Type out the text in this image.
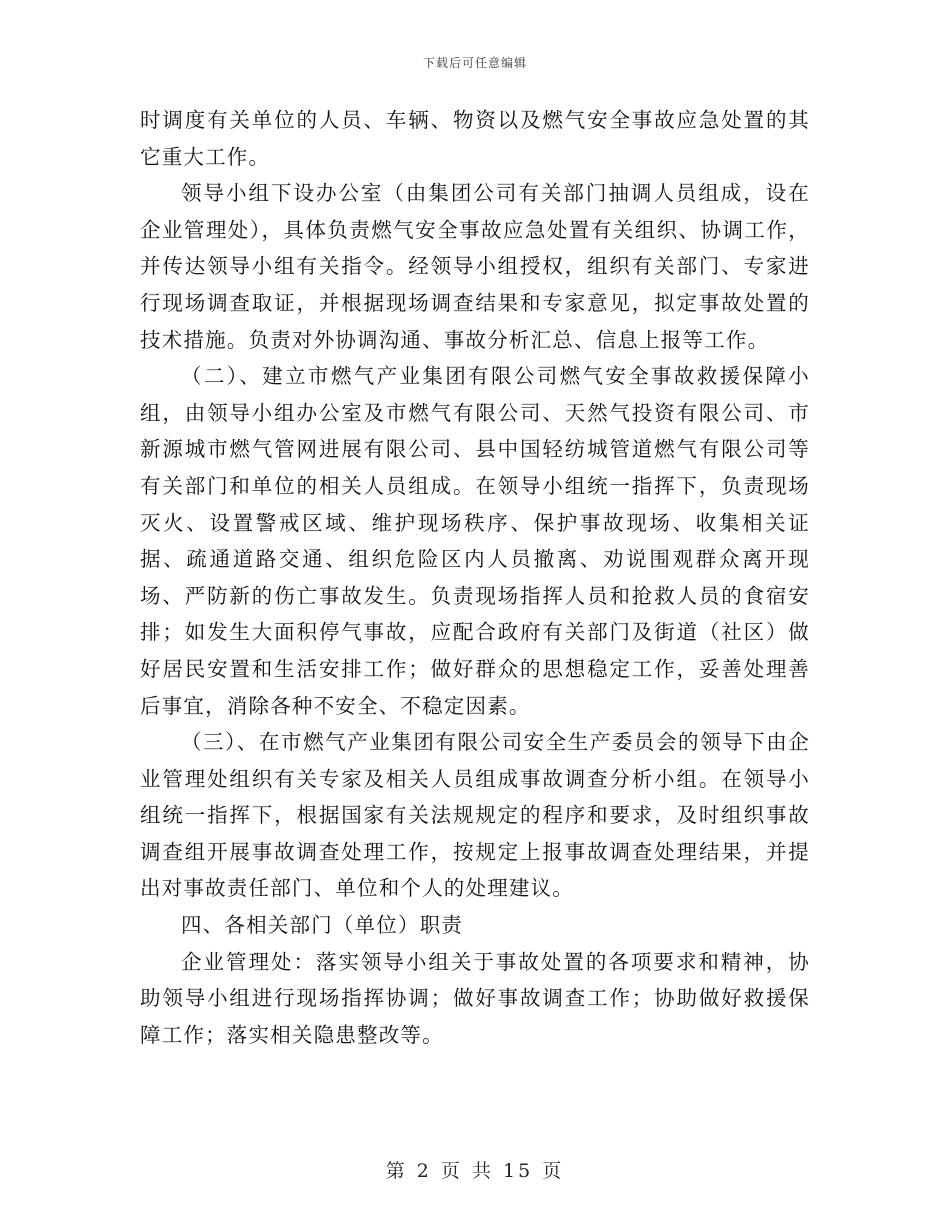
下载后可任意编辑

时调度有关单位的人员、车辆、物资以及燃气安全事故应急处置的其它重大工作。

领导小组下设办公室（由集团公司有关部门抽调人员组成，设在企业管理处），具体负责燃气安全事故应急处置有关组织、协调工作，并传达领导小组有关指令。经领导小组授权，组织有关部门、专家进行现场调查取证，并根据现场调查结果和专家意见，拟定事故处置的技术措施。负责对外协调沟通、事故分析汇总、信息上报等工作。

（二）、建立市燃气产业集团有限公司燃气安全事故救援保障小组，由领导小组办公室及市燃气有限公司、天然气投资有限公司、市新源城市燃气管网进展有限公司、县中国轻纺城管道燃气有限公司等有关部门和单位的相关人员组成。在领导小组统一指挥下，负责现场灭火、设置警戒区域、维护现场秩序、保护事故现场、收集相关证据、疏通道路交通、组织危险区内人员撤离、劝说围观群众离开现场、严防新的伤亡事故发生。负责现场指挥人员和抢救人员的食宿安排；如发生大面积停气事故，应配合政府有关部门及街道（社区）做好居民安置和生活安排工作；做好群众的思想稳定工作，妥善处理善后事宜，消除各种不安全、不稳定因素。

（三）、在市燃气产业集团有限公司安全生产委员会的领导下由企业管理处组织有关专家及相关人员组成事故调查分析小组。在领导小组统一指挥下，根据国家有关法规规定的程序和要求，及时组织事故调查组开展事故调查处理工作，按规定上报事故调查处理结果，并提出对事故责任部门、单位和个人的处理建议。

四、各相关部门（单位）职责

企业管理处：落实领导小组关于事故处置的各项要求和精神，协助领导小组进行现场指挥协调；做好事故调查工作；协助做好救援保障工作；落实相关隐患整改等。

第 2 页 共 15 页
